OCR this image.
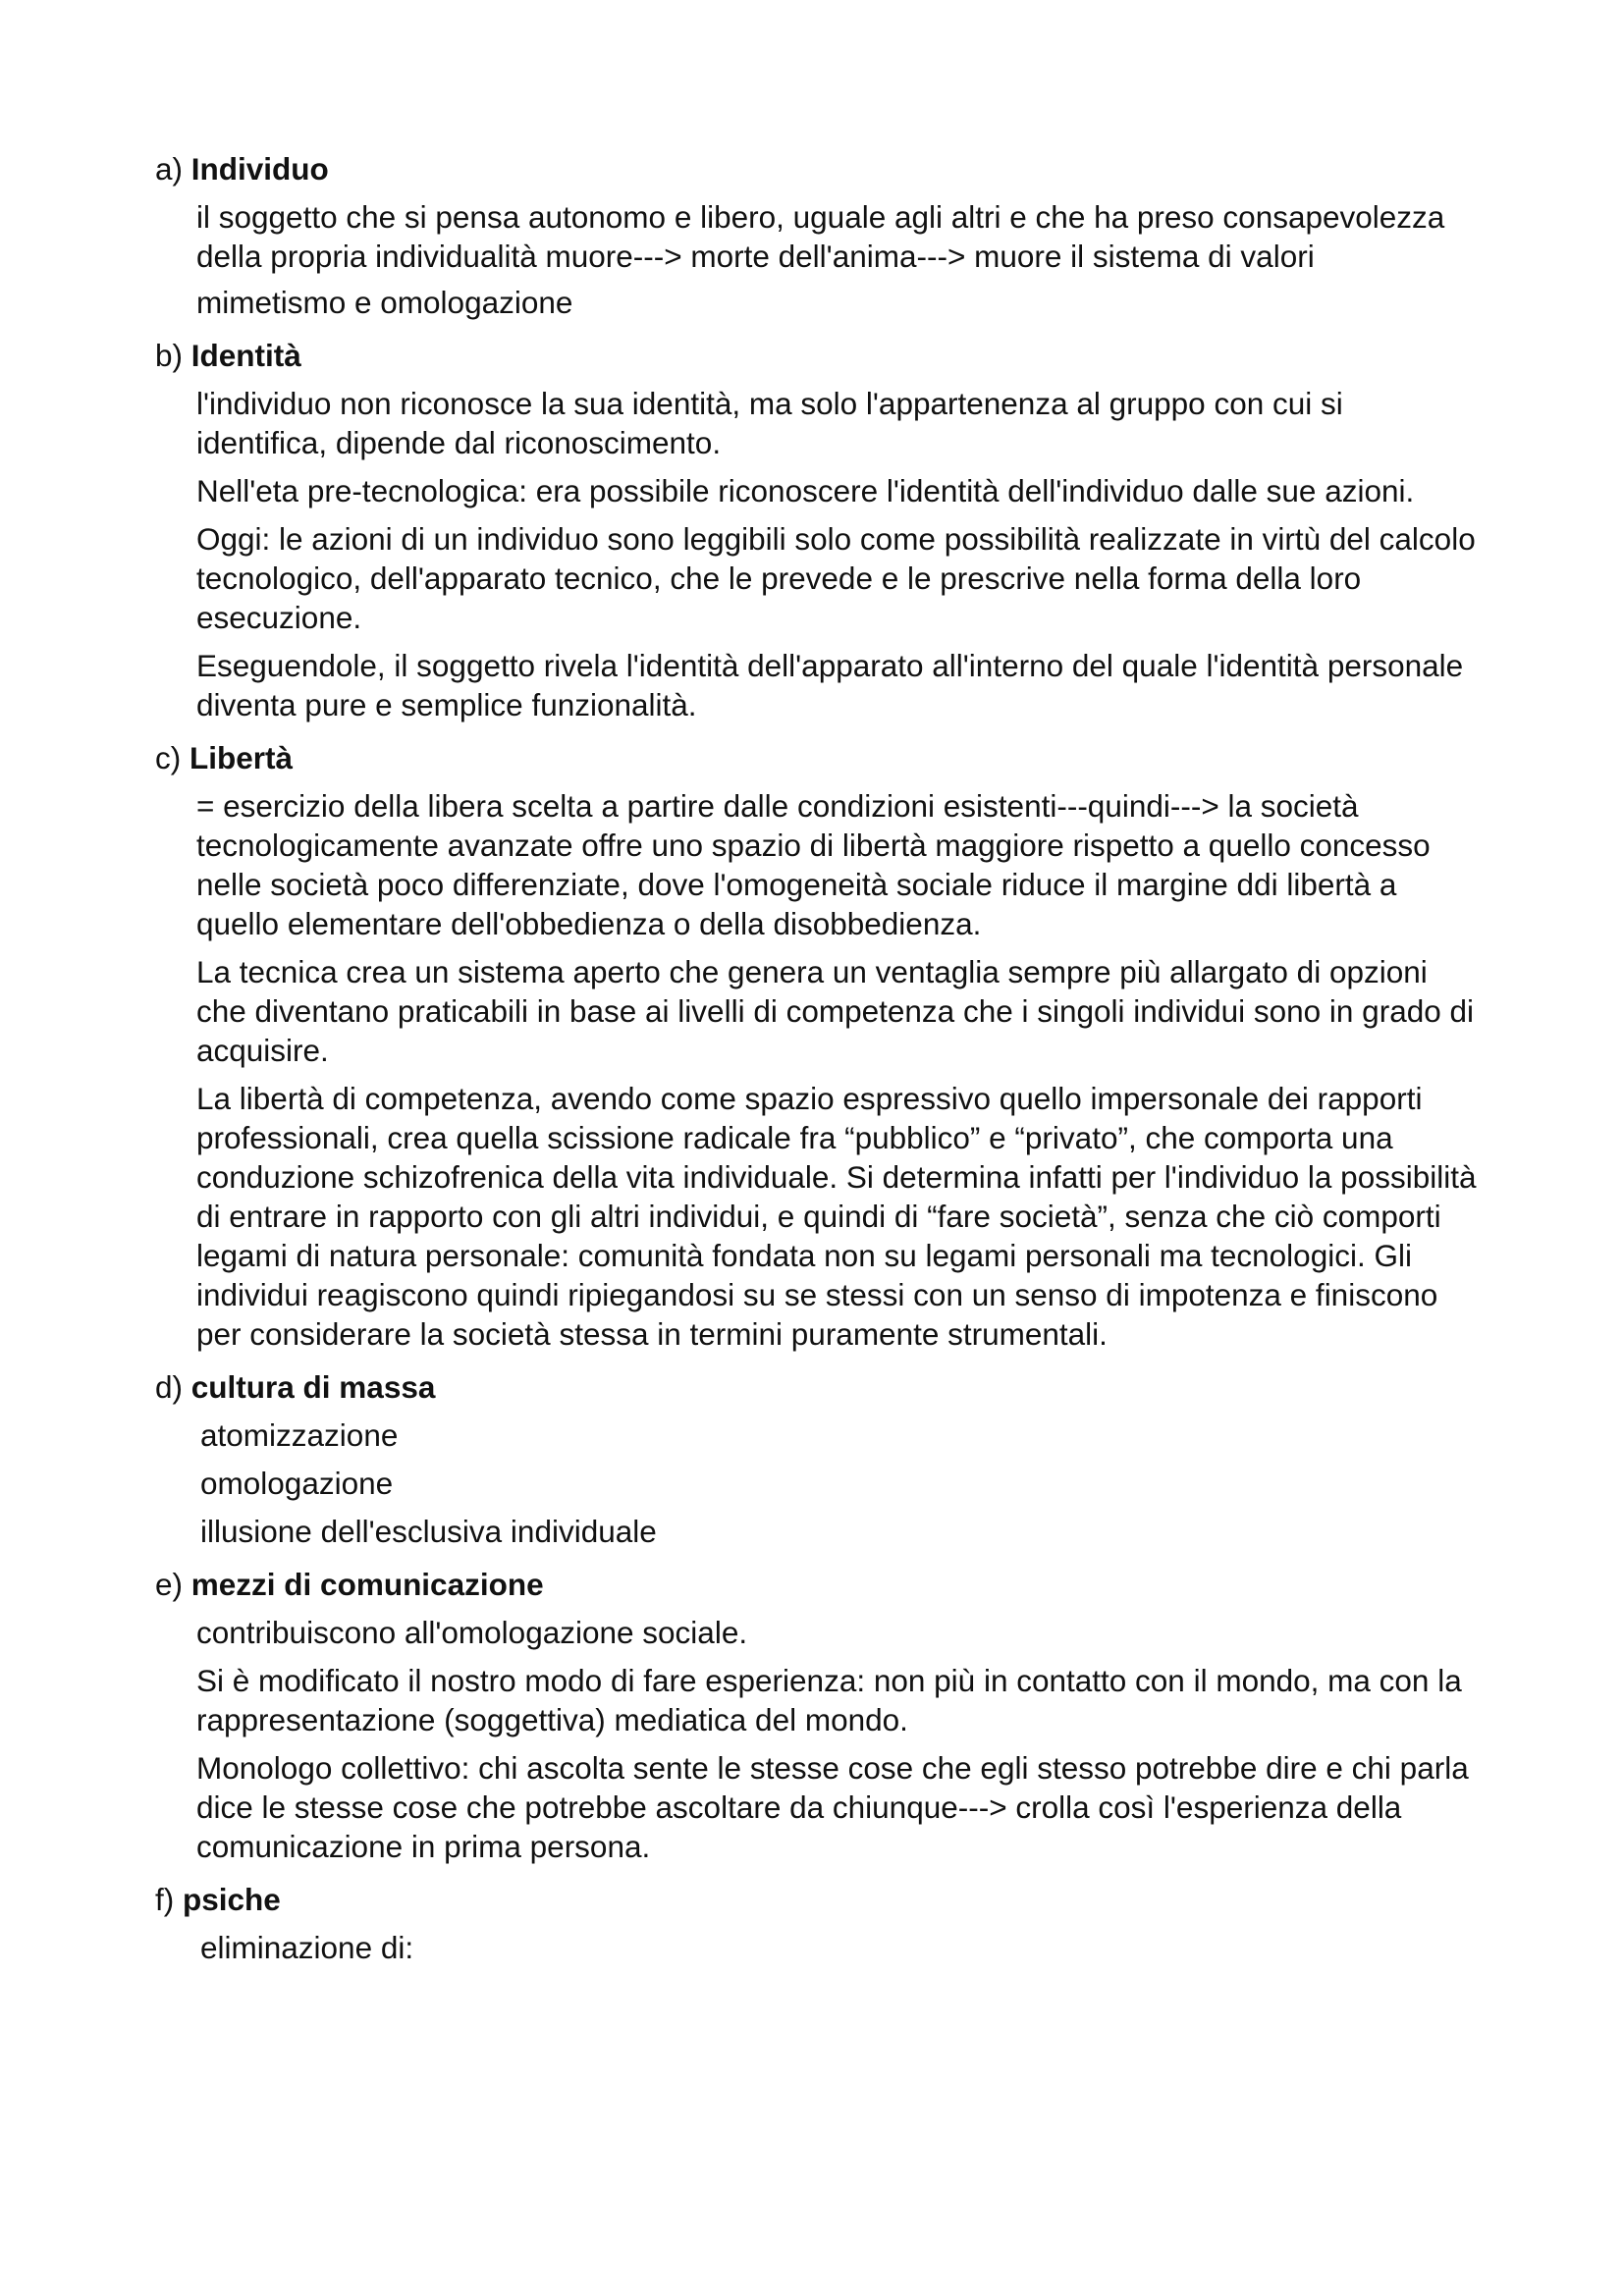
a) Individuo
il soggetto che si pensa autonomo e libero, uguale agli altri e che ha preso consapevolezza della propria individualità muore---> morte dell'anima---> muore il sistema di valori
mimetismo e omologazione
b) Identità
l'individuo non riconosce la sua identità, ma solo l'appartenenza al gruppo con cui si identifica, dipende dal riconoscimento.
Nell'eta pre-tecnologica: era possibile riconoscere l'identità dell'individuo dalle sue azioni.
Oggi: le azioni di un individuo sono leggibili solo come possibilità realizzate in virtù del calcolo tecnologico, dell'apparato tecnico, che le prevede e le prescrive nella forma della loro esecuzione.
Eseguendole, il soggetto rivela l'identità dell'apparato all'interno del quale l'identità personale diventa pure e semplice funzionalità.
c) Libertà
= esercizio della libera scelta a partire dalle condizioni esistenti---quindi---> la società tecnologicamente avanzate offre uno spazio di libertà maggiore rispetto a quello concesso nelle società poco differenziate, dove l'omogeneità sociale riduce il margine ddi libertà a quello elementare dell'obbedienza o della disobbedienza.
La tecnica crea un sistema aperto che genera un ventaglia sempre più allargato di opzioni che diventano praticabili in base ai livelli di competenza che i singoli individui sono in grado di acquisire.
La libertà di competenza, avendo come spazio espressivo quello impersonale dei rapporti professionali, crea quella scissione radicale fra “pubblico” e “privato”, che comporta una conduzione schizofrenica della vita individuale. Si determina infatti per l'individuo la possibilità di entrare in rapporto con gli altri individui, e quindi di “fare società”, senza che ciò comporti legami di natura personale: comunità fondata non su legami personali ma tecnologici. Gli individui reagiscono quindi ripiegandosi su se stessi con un senso di impotenza e finiscono per considerare la società stessa in termini puramente strumentali.
d) cultura di massa
atomizzazione
omologazione
illusione dell'esclusiva individuale
e) mezzi di comunicazione
contribuiscono all'omologazione sociale.
Si è modificato il nostro modo di fare esperienza: non più in contatto con il mondo, ma con la rappresentazione (soggettiva) mediatica del mondo.
Monologo collettivo: chi ascolta sente le stesse cose che egli stesso potrebbe dire e chi parla dice le stesse cose che potrebbe ascoltare da chiunque---> crolla così l'esperienza della comunicazione in prima persona.
f) psiche
eliminazione di:
